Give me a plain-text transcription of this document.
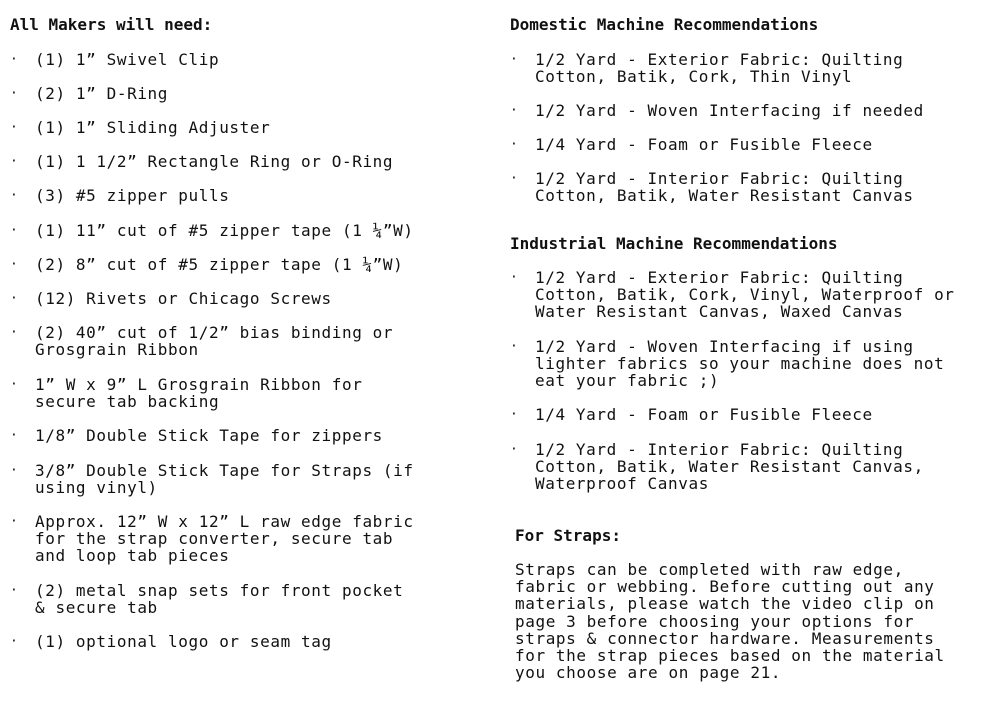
All Makers will need:
· (1) 1” Swivel Clip
· (2) 1” D-Ring
· (1) 1” Sliding Adjuster
· (1) 1 1/2” Rectangle Ring or O-Ring
· (3) #5 zipper pulls
· (1) 11” cut of #5 zipper tape (1 ¼”W)
· (2) 8” cut of #5 zipper tape (1 ¼”W)
· (12) Rivets or Chicago Screws
· (2) 40” cut of 1/2” bias binding or
Grosgrain Ribbon
· 1” W x 9” L Grosgrain Ribbon for
secure tab backing
· 1/8” Double Stick Tape for zippers
· 3/8” Double Stick Tape for Straps (if
using vinyl)
· Approx. 12” W x 12” L raw edge fabric
for the strap converter, secure tab
and loop tab pieces
· (2) metal snap sets for front pocket
& secure tab
· (1) optional logo or seam tag
Domestic Machine Recommendations
· 1/2 Yard - Exterior Fabric: Quilting
Cotton, Batik, Cork, Thin Vinyl
· 1/2 Yard - Woven Interfacing if needed
· 1/4 Yard - Foam or Fusible Fleece
· 1/2 Yard - Interior Fabric: Quilting
Cotton, Batik, Water Resistant Canvas
Industrial Machine Recommendations
· 1/2 Yard - Exterior Fabric: Quilting
Cotton, Batik, Cork, Vinyl, Waterproof or
Water Resistant Canvas, Waxed Canvas
· 1/2 Yard - Woven Interfacing if using
lighter fabrics so your machine does not
eat your fabric ;)
· 1/4 Yard - Foam or Fusible Fleece
· 1/2 Yard - Interior Fabric: Quilting
Cotton, Batik, Water Resistant Canvas,
Waterproof Canvas
For Straps:
Straps can be completed with raw edge,
fabric or webbing. Before cutting out any
materials, please watch the video clip on
page 3 before choosing your options for
straps & connector hardware. Measurements
for the strap pieces based on the material
you choose are on page 21.
